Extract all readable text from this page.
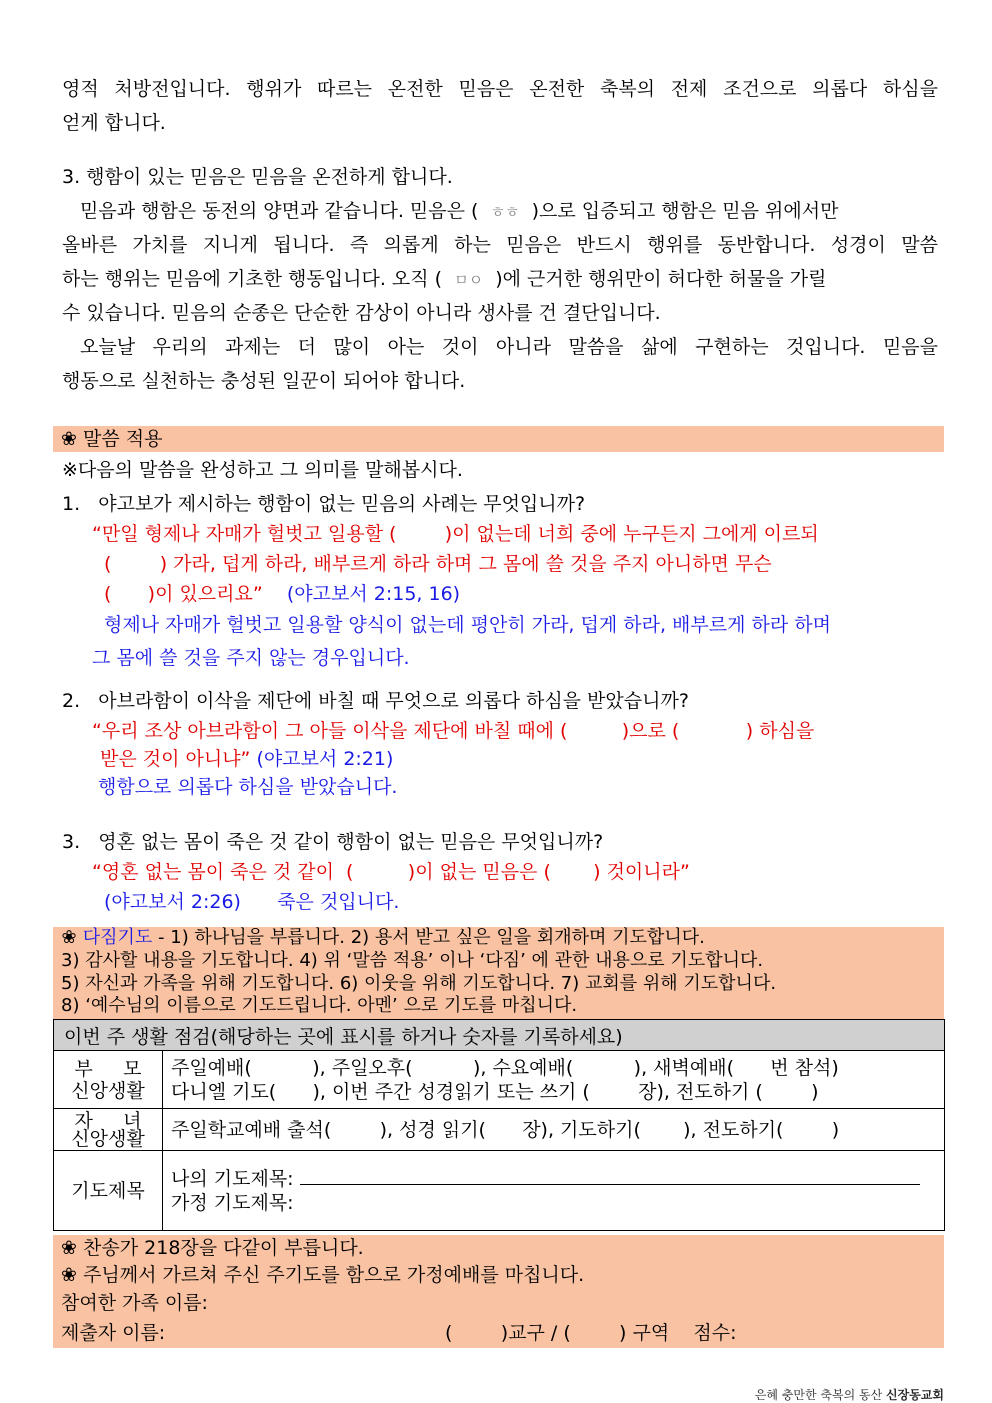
영적 처방전입니다. 행위가 따르는 온전한 믿음은 온전한 축복의 전제 조건으로 의롭다 하심을
얻게 합니다.
3. 행함이 있는 믿음은 믿음을 온전하게 합니다.
믿음과 행함은 동전의 양면과 같습니다. 믿음은 ( ㅎㅎ )으로 입증되고 행함은 믿음 위에서만
올바른 가치를 지니게 됩니다. 즉 의롭게 하는 믿음은 반드시 행위를 동반합니다. 성경이 말씀
하는 행위는 믿음에 기초한 행동입니다. 오직 ( ㅁㅇ )에 근거한 행위만이 허다한 허물을 가릴
수 있습니다. 믿음의 순종은 단순한 감상이 아니라 생사를 건 결단입니다.
오늘날 우리의 과제는 더 많이 아는 것이 아니라 말씀을 삶에 구현하는 것입니다. 믿음을
행동으로 실천하는 충성된 일꾼이 되어야 합니다.
❀ 말씀 적용
※다음의 말씀을 완성하고 그 의미를 말해봅시다.
1.   야고보가 제시하는 행함이 없는 믿음의 사례는 무엇입니까?
“만일 형제나 자매가 헐벗고 일용할 (        )이 없는데 너희 중에 누구든지 그에게 이르되
(        ) 가라, 덥게 하라, 배부르게 하라 하며 그 몸에 쓸 것을 주지 아니하면 무슨
(      )이 있으리요” (야고보서 2:15, 16)
형제나 자매가 헐벗고 일용할 양식이 없는데 평안히 가라, 덥게 하라, 배부르게 하라 하며
그 몸에 쓸 것을 주지 않는 경우입니다.
2.   아브라함이 이삭을 제단에 바칠 때 무엇으로 의롭다 하심을 받았습니까?
“우리 조상 아브라함이 그 아들 이삭을 제단에 바칠 때에 (         )으로 (           ) 하심을
받은 것이 아니냐” (야고보서 2:21)
행함으로 의롭다 하심을 받았습니다.
3.   영혼 없는 몸이 죽은 것 같이 행함이 없는 믿음은 무엇입니까?
“영혼 없는 몸이 죽은 것 같이  (         )이 없는 믿음은 (       ) 것이니라”
(야고보서 2:26) 죽은 것입니다.
❀ 다짐기도 - 1) 하나님을 부릅니다. 2) 용서 받고 싶은 일을 회개하며 기도합니다.
3) 감사할 내용을 기도합니다. 4) 위 ‘말씀 적용’ 이나 ‘다짐’ 에 관한 내용으로 기도합니다.
5) 자신과 가족을 위해 기도합니다. 6) 이웃을 위해 기도합니다. 7) 교회를 위해 기도합니다.
8) ‘예수님의 이름으로 기도드립니다. 아멘’ 으로 기도를 마칩니다.
이번 주 생활 점검(해당하는 곳에 표시를 하거나 숫자를 기록하세요)	
부     모
신앙생활	주일예배(          ), 주일오후(          ), 수요예배(          ), 새벽예배(      번 참석)
다니엘 기도(      ), 이번 주간 성경읽기 또는 쓰기 (        장), 전도하기 (        )
자     녀
신앙생활	주일학교예배 출석(        ), 성경 읽기(      장), 기도하기(       ), 전도하기(        )
기도제목	나의 기도제목:
가정 기도제목:
❀ 찬송가 218장을 다같이 부릅니다.
❀ 주님께서 가르쳐 주신 주기도를 함으로 가정예배를 마칩니다.
참여한 가족 이름:
제출자 이름:	(        )교구 / (        ) 구역    점수:
은혜 충만한 축복의 동산 신장동교회
